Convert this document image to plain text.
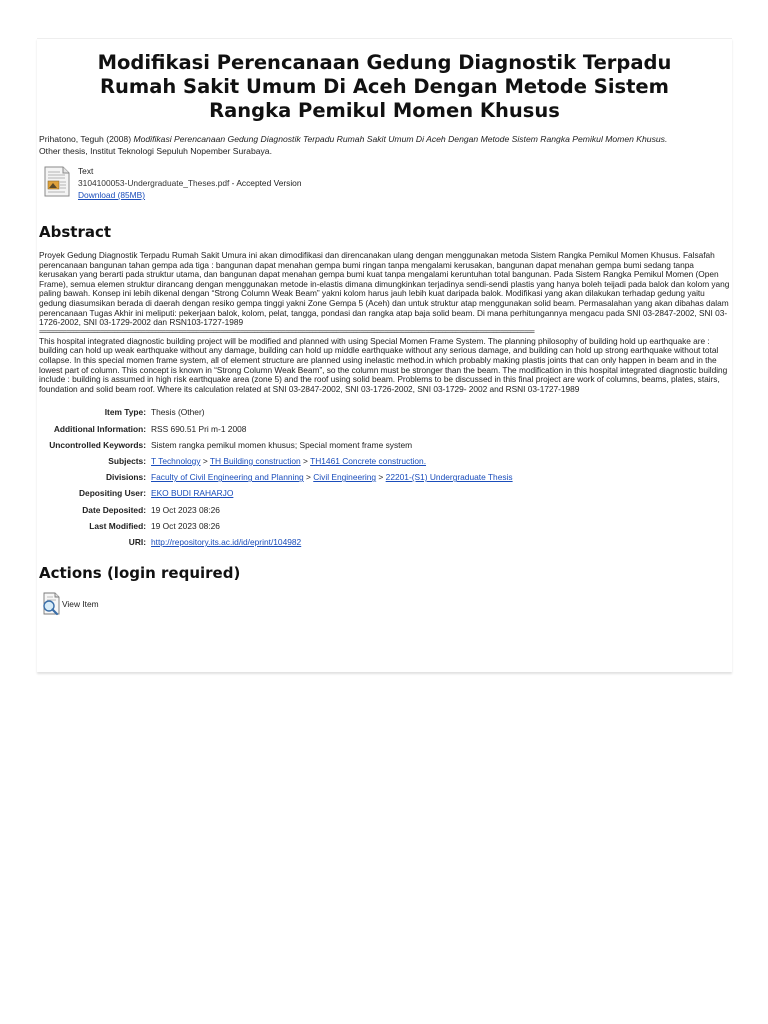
Modifikasi Perencanaan Gedung Diagnostik Terpadu Rumah Sakit Umum Di Aceh Dengan Metode Sistem Rangka Pemikul Momen Khusus
Prihatono, Teguh (2008) Modifikasi Perencanaan Gedung Diagnostik Terpadu Rumah Sakit Umum Di Aceh Dengan Metode Sistem Rangka Pemikul Momen Khusus.
Other thesis, Institut Teknologi Sepuluh Nopember Surabaya.
Text
3104100053-Undergraduate_Theses.pdf - Accepted Version
Download (85MB)
Abstract

Proyek Gedung Diagnostik Terpadu Rumah Sakit Umura ini akan dimodifikasi dan direncanakan ulang dengan menggunakan metoda Sistem Rangka Pemikul Momen Khusus. Falsafah perencanaan bangunan tahan gempa ada tiga : bangunan dapat menahan gempa bumi ringan tanpa mengalami kerusakan, bangunan dapat menahan gempa bumi sedang tanpa kerusakan yang berarti pada struktur utama, dan bangunan dapat menahan gempa bumi kuat tanpa mengalami keruntuhan total bangunan. Pada Sistem Rangka Pemikul Momen (Open Frame), semua elemen struktur dirancang dengan menggunakan metode in-elastis dimana dimungkinkan terjadinya sendi-sendi plastis yang hanya boleh teijadi pada balok dan kolom yang paling bawah. Konsep ini lebih dikenal dengan “Strong Column Weak Beam” yakni kolom harus jauh lebih kuat daripada balok. Modifikasi yang akan dilakukan terhadap gedung yaitu gedung diasumsikan berada di daerah dengan resiko gempa tinggi yakni Zone Gempa 5 (Aceh) dan untuk struktur atap menggunakan solid beam. Permasalahan yang akan dibahas dalam perencanaan Tugas Akhir ini meliputi: pekerjaan balok, kolom, pelat, tangga, pondasi dan rangka atap baja solid beam. Di mana perhitungannya mengacu pada SNI 03-2847-2002, SNI 03- 1726-2002, SNI 03-1729-2002 dan RSN103-1727-1989

=================================================================================================================================================

This hospital integrated diagnostic building project will be modified and planned with using Special Momen Frame System. The planning philosophy of building hold up earthquake are : building can hold up weak earthquake without any damage, building can hold up middle earthquake without any serious damage, and building can hold up strong earthquake without total collapse. In this special momen frame system, all of element structure are planned using inelastic method.in which probably making plastis joints that can only happen in beam and in the lowest part of column. This concept is known in “Strong Column Weak Beam”, so the column must be stronger than the beam. The modification in this hospital integrated diagnostic building include : building is assumed in high risk earthquake area (zone 5) and the roof using solid beam. Problems to be discussed in this final project are work of columns, beams, plates, stairs, foundation and solid beam roof. Where its calculation related at SNI 03-2847-2002, SNI 03-1726-2002, SNI 03-1729- 2002 and RSNI 03-1727-1989

Item Type:	Thesis (Other)
Additional Information:	RSS 690.51 Pri m-1 2008
Uncontrolled Keywords:	Sistem rangka pemikul momen khusus; Special moment frame system
Subjects:	T Technology > TH Building construction > TH1461 Concrete construction.
Divisions:	Faculty of Civil Engineering and Planning > Civil Engineering > 22201-(S1) Undergraduate Thesis
Depositing User:	EKO BUDI RAHARJO
Date Deposited:	19 Oct 2023 08:26
Last Modified:	19 Oct 2023 08:26
URI:	http://repository.its.ac.id/id/eprint/104982
Actions (login required)
View Item
